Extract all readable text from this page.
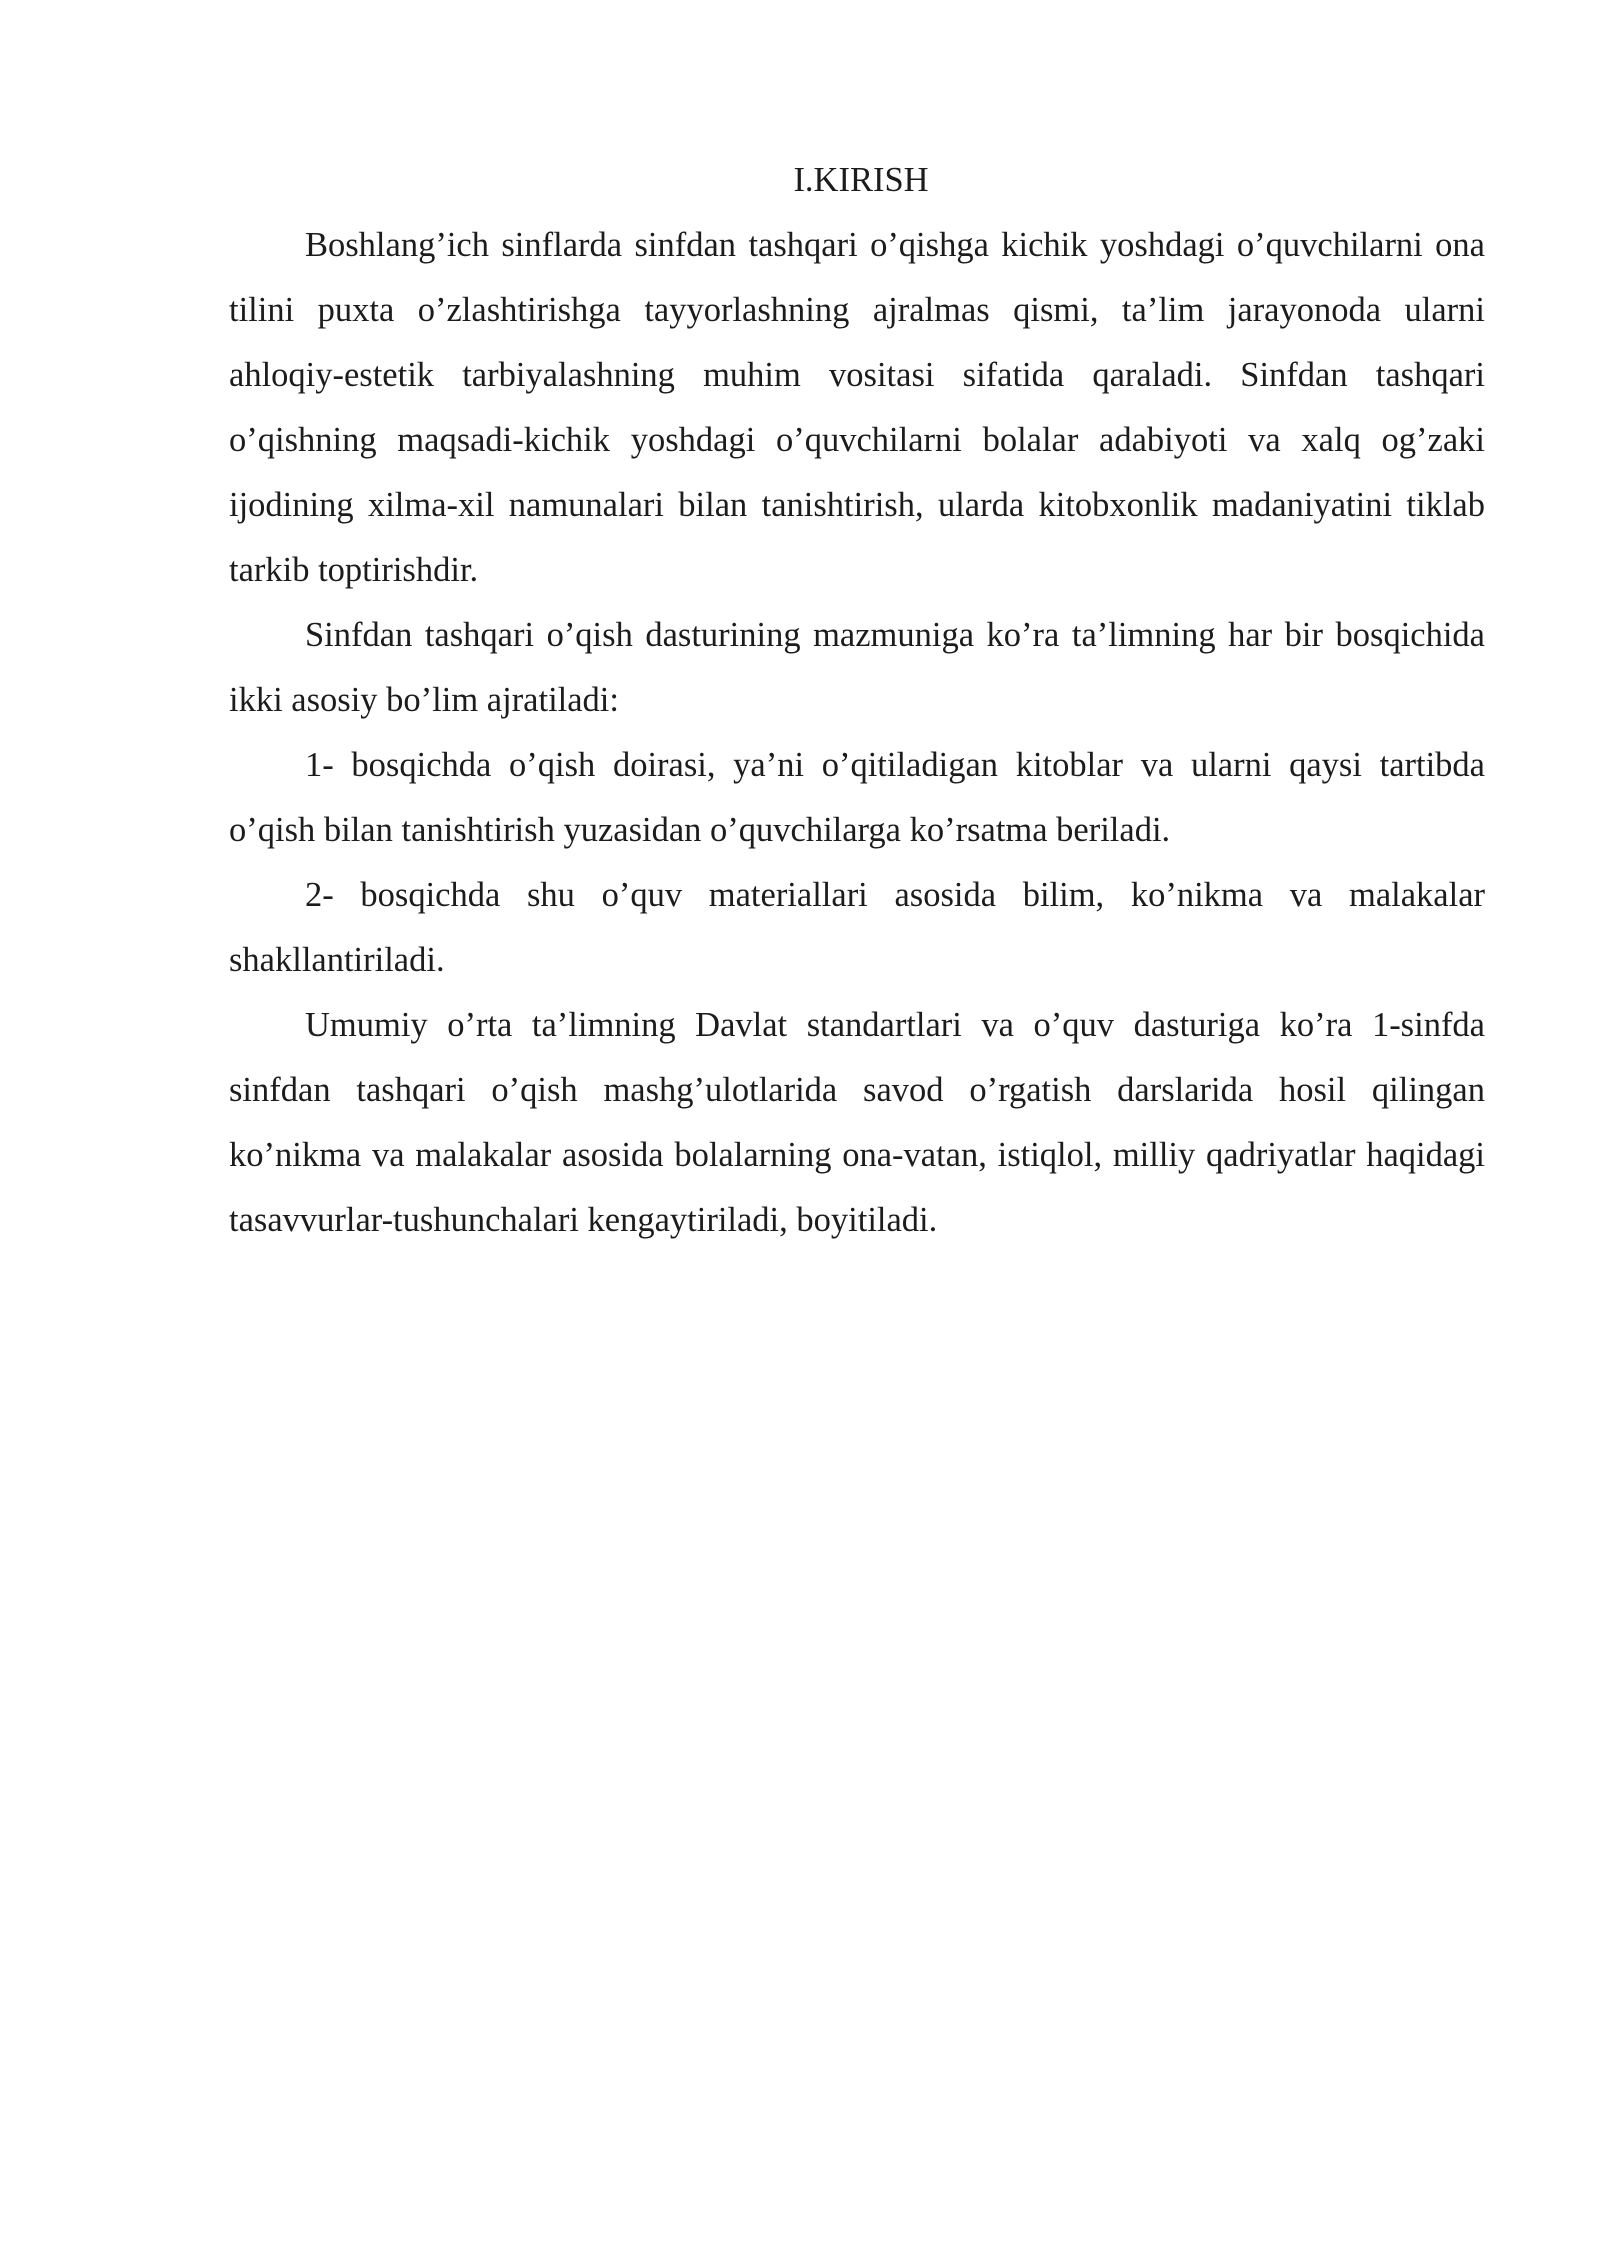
I.KIRISH

Boshlang’ich sinflarda sinfdan tashqari o’qishga kichik yoshdagi o’quvchilarni ona tilini puxta o’zlashtirishga tayyorlashning ajralmas qismi, ta’lim jarayonoda ularni ahloqiy-estetik tarbiyalashning muhim vositasi sifatida qaraladi. Sinfdan tashqari o’qishning maqsadi-kichik yoshdagi o’quvchilarni bolalar adabiyoti va xalq og’zaki ijodining xilma-xil namunalari bilan tanishtirish, ularda kitobxonlik madaniyatini tiklab tarkib toptirishdir.

Sinfdan tashqari o’qish dasturining mazmuniga ko’ra ta’limning har bir bosqichida ikki asosiy bo’lim ajratiladi:

1- bosqichda o’qish doirasi, ya’ni o’qitiladigan kitoblar va ularni qaysi tartibda o’qish bilan tanishtirish yuzasidan o’quvchilarga ko’rsatma beriladi.

2- bosqichda shu o’quv materiallari asosida bilim, ko’nikma va malakalar shakllantiriladi.

Umumiy o’rta ta’limning Davlat standartlari va o’quv dasturiga ko’ra 1-sinfda sinfdan tashqari o’qish mashg’ulotlarida savod o’rgatish darslarida hosil qilingan ko’nikma va malakalar asosida bolalarning ona-vatan, istiqlol, milliy qadriyatlar haqidagi tasavvurlar-tushunchalari kengaytiriladi, boyitiladi.
